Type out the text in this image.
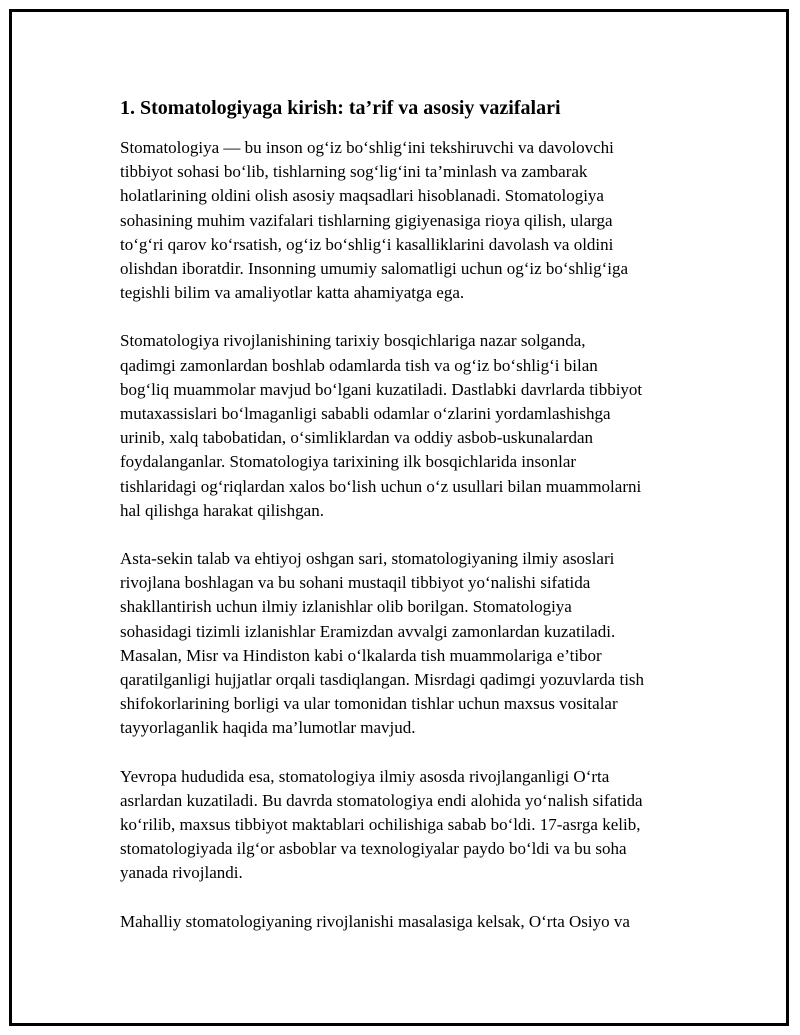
1. Stomatologiyaga kirish: ta’rif va asosiy vazifalari
Stomatologiya — bu inson og‘iz bo‘shlig‘ini tekshiruvchi va davolovchi
tibbiyot sohasi bo‘lib, tishlarning sog‘lig‘ini ta’minlash va zambarak
holatlarining oldini olish asosiy maqsadlari hisoblanadi. Stomatologiya
sohasining muhim vazifalari tishlarning gigiyenasiga rioya qilish, ularga
to‘g‘ri qarov ko‘rsatish, og‘iz bo‘shlig‘i kasalliklarini davolash va oldini
olishdan iboratdir. Insonning umumiy salomatligi uchun og‘iz bo‘shlig‘iga
tegishli bilim va amaliyotlar katta ahamiyatga ega.
Stomatologiya rivojlanishining tarixiy bosqichlariga nazar solganda,
qadimgi zamonlardan boshlab odamlarda tish va og‘iz bo‘shlig‘i bilan
bog‘liq muammolar mavjud bo‘lgani kuzatiladi. Dastlabki davrlarda tibbiyot
mutaxassislari bo‘lmaganligi sababli odamlar o‘zlarini yordamlashishga
urinib, xalq tabobatidan, o‘simliklardan va oddiy asbob-uskunalardan
foydalanganlar. Stomatologiya tarixining ilk bosqichlarida insonlar
tishlaridagi og‘riqlardan xalos bo‘lish uchun o‘z usullari bilan muammolarni
hal qilishga harakat qilishgan.
Asta-sekin talab va ehtiyoj oshgan sari, stomatologiyaning ilmiy asoslari
rivojlana boshlagan va bu sohani mustaqil tibbiyot yo‘nalishi sifatida
shakllantirish uchun ilmiy izlanishlar olib borilgan. Stomatologiya
sohasidagi tizimli izlanishlar Eramizdan avvalgi zamonlardan kuzatiladi.
Masalan, Misr va Hindiston kabi o‘lkalarda tish muammolariga e’tibor
qaratilganligi hujjatlar orqali tasdiqlangan. Misrdagi qadimgi yozuvlarda tish
shifokorlarining borligi va ular tomonidan tishlar uchun maxsus vositalar
tayyorlaganlik haqida ma’lumotlar mavjud.
Yevropa hududida esa, stomatologiya ilmiy asosda rivojlanganligi O‘rta
asrlardan kuzatiladi. Bu davrda stomatologiya endi alohida yo‘nalish sifatida
ko‘rilib, maxsus tibbiyot maktablari ochilishiga sabab bo‘ldi. 17-asrga kelib,
stomatologiyada ilg‘or asboblar va texnologiyalar paydo bo‘ldi va bu soha
yanada rivojlandi.
Mahalliy stomatologiyaning rivojlanishi masalasiga kelsak, O‘rta Osiyo va
